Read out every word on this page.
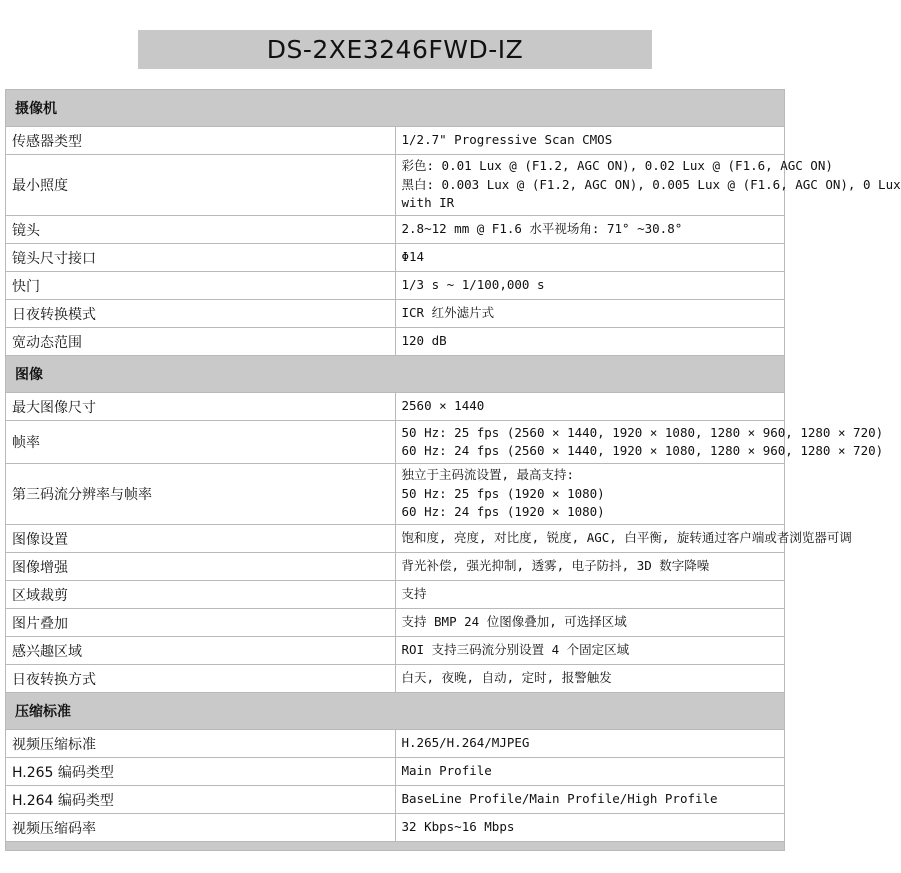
DS-2XE3246FWD-IZ
摄像机	
传感器类型	1/2.7" Progressive Scan CMOS

最小照度	彩色: 0.01 Lux @ (F1.2, AGC ON), 0.02 Lux @ (F1.6, AGC ON)
黑白: 0.003 Lux @ (F1.2, AGC ON), 0.005 Lux @ (F1.6, AGC ON), 0 Lux
with IR

镜头	2.8~12 mm @ F1.6 水平视场角: 71° ~30.8°

镜头尺寸接口	Φ14

快门	1/3 s ~ 1/100,000 s

日夜转换模式	ICR 红外滤片式

宽动态范围	120 dB

图像	
最大图像尺寸	2560 × 1440

帧率	50 Hz: 25 fps (2560 × 1440, 1920 × 1080, 1280 × 960, 1280 × 720)
60 Hz: 24 fps (2560 × 1440, 1920 × 1080, 1280 × 960, 1280 × 720)

第三码流分辨率与帧率	独立于主码流设置, 最高支持:
50 Hz: 25 fps (1920 × 1080)
60 Hz: 24 fps (1920 × 1080)

图像设置	饱和度, 亮度, 对比度, 锐度, AGC, 白平衡, 旋转通过客户端或者浏览器可调

图像增强	背光补偿, 强光抑制, 透雾, 电子防抖, 3D 数字降噪

区域裁剪	支持

图片叠加	支持 BMP 24 位图像叠加, 可选择区域

感兴趣区域	ROI 支持三码流分别设置 4 个固定区域

日夜转换方式	白天, 夜晚, 自动, 定时, 报警触发

压缩标准	
视频压缩标准	H.265/H.264/MJPEG

H.265 编码类型	Main Profile

H.264 编码类型	BaseLine Profile/Main Profile/High Profile

视频压缩码率	32 Kbps~16 Mbps
